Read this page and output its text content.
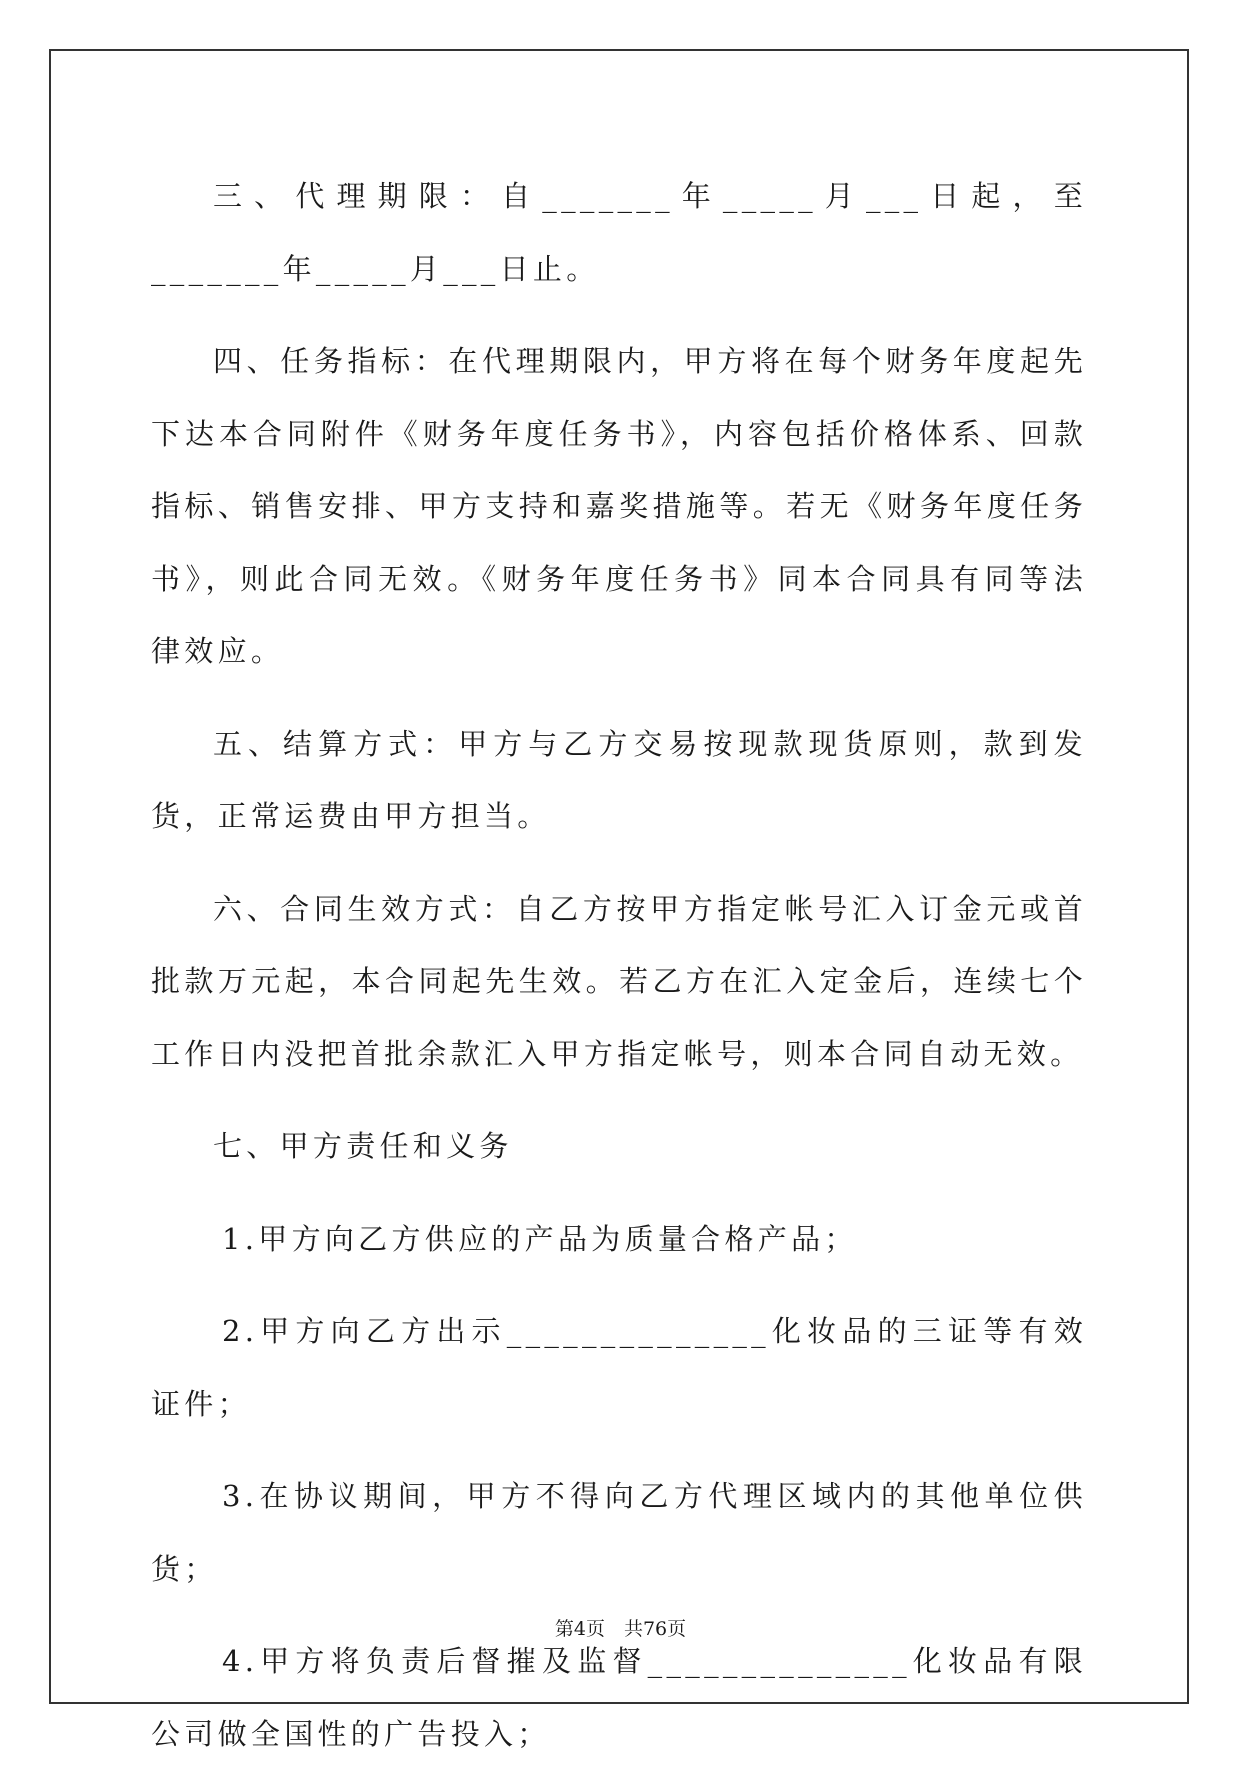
三、代理期限：自_______年_____月___日起，至_______年_____月___日止。

四、任务指标：在代理期限内，甲方将在每个财务年度起先下达本合同附件《财务年度任务书》，内容包括价格体系、回款指标、销售安排、甲方支持和嘉奖措施等。若无《财务年度任务书》，则此合同无效。《财务年度任务书》同本合同具有同等法律效应。

五、结算方式：甲方与乙方交易按现款现货原则，款到发货，正常运费由甲方担当。

六、合同生效方式：自乙方按甲方指定帐号汇入订金元或首批款万元起，本合同起先生效。若乙方在汇入定金后，连续七个工作日内没把首批余款汇入甲方指定帐号，则本合同自动无效。

七、甲方责任和义务

1.甲方向乙方供应的产品为质量合格产品；

2.甲方向乙方出示______________化妆品的三证等有效证件；

3.在协议期间，甲方不得向乙方代理区域内的其他单位供货；

4.甲方将负责后督摧及监督______________化妆品有限公司做全国性的广告投入；

第4页　共76页
